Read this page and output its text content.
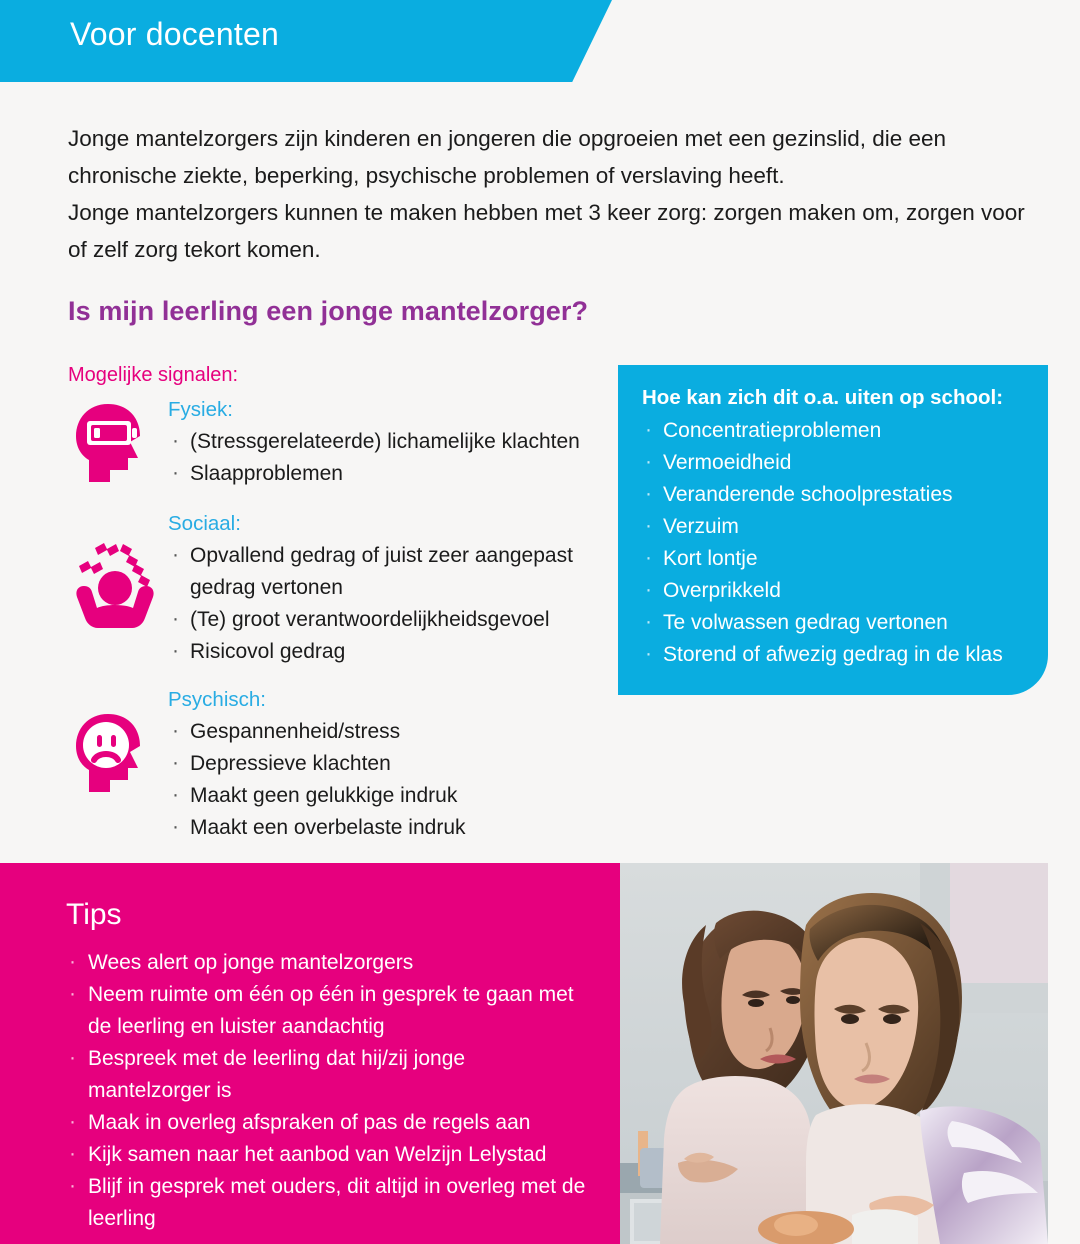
Voor docenten

Jonge mantelzorgers zijn kinderen en jongeren die opgroeien met een gezinslid, die een chronische ziekte, beperking, psychische problemen of verslaving heeft.

Jonge mantelzorgers kunnen te maken hebben met 3 keer zorg: zorgen maken om, zorgen voor of zelf zorg tekort komen.

Is mijn leerling een jonge mantelzorger?
Mogelijke signalen:

Fysiek:

· (Stressgerelateerde) lichamelijke klachten
· Slaapproblemen

Sociaal:

· Opvallend gedrag of juist zeer aangepast gedrag vertonen
· (Te) groot verantwoordelijkheidsgevoel
· Risicovol gedrag

Psychisch:

· Gespannenheid/stress
· Depressieve klachten
· Maakt geen gelukkige indruk
· Maakt een overbelaste indruk

Hoe kan zich dit o.a. uiten op school:

· Concentratieproblemen
· Vermoeidheid
· Veranderende schoolprestaties
· Verzuim
· Kort lontje
· Overprikkeld
· Te volwassen gedrag vertonen
· Storend of afwezig gedrag in de klas

Tips

· Wees alert op jonge mantelzorgers
· Neem ruimte om één op één in gesprek te gaan met de leerling en luister aandachtig
· Bespreek met de leerling dat hij/zij jonge mantelzorger is
· Maak in overleg afspraken of pas de regels aan
· Kijk samen naar het aanbod van Welzijn Lelystad
· Blijf in gesprek met ouders, dit altijd in overleg met de leerling
